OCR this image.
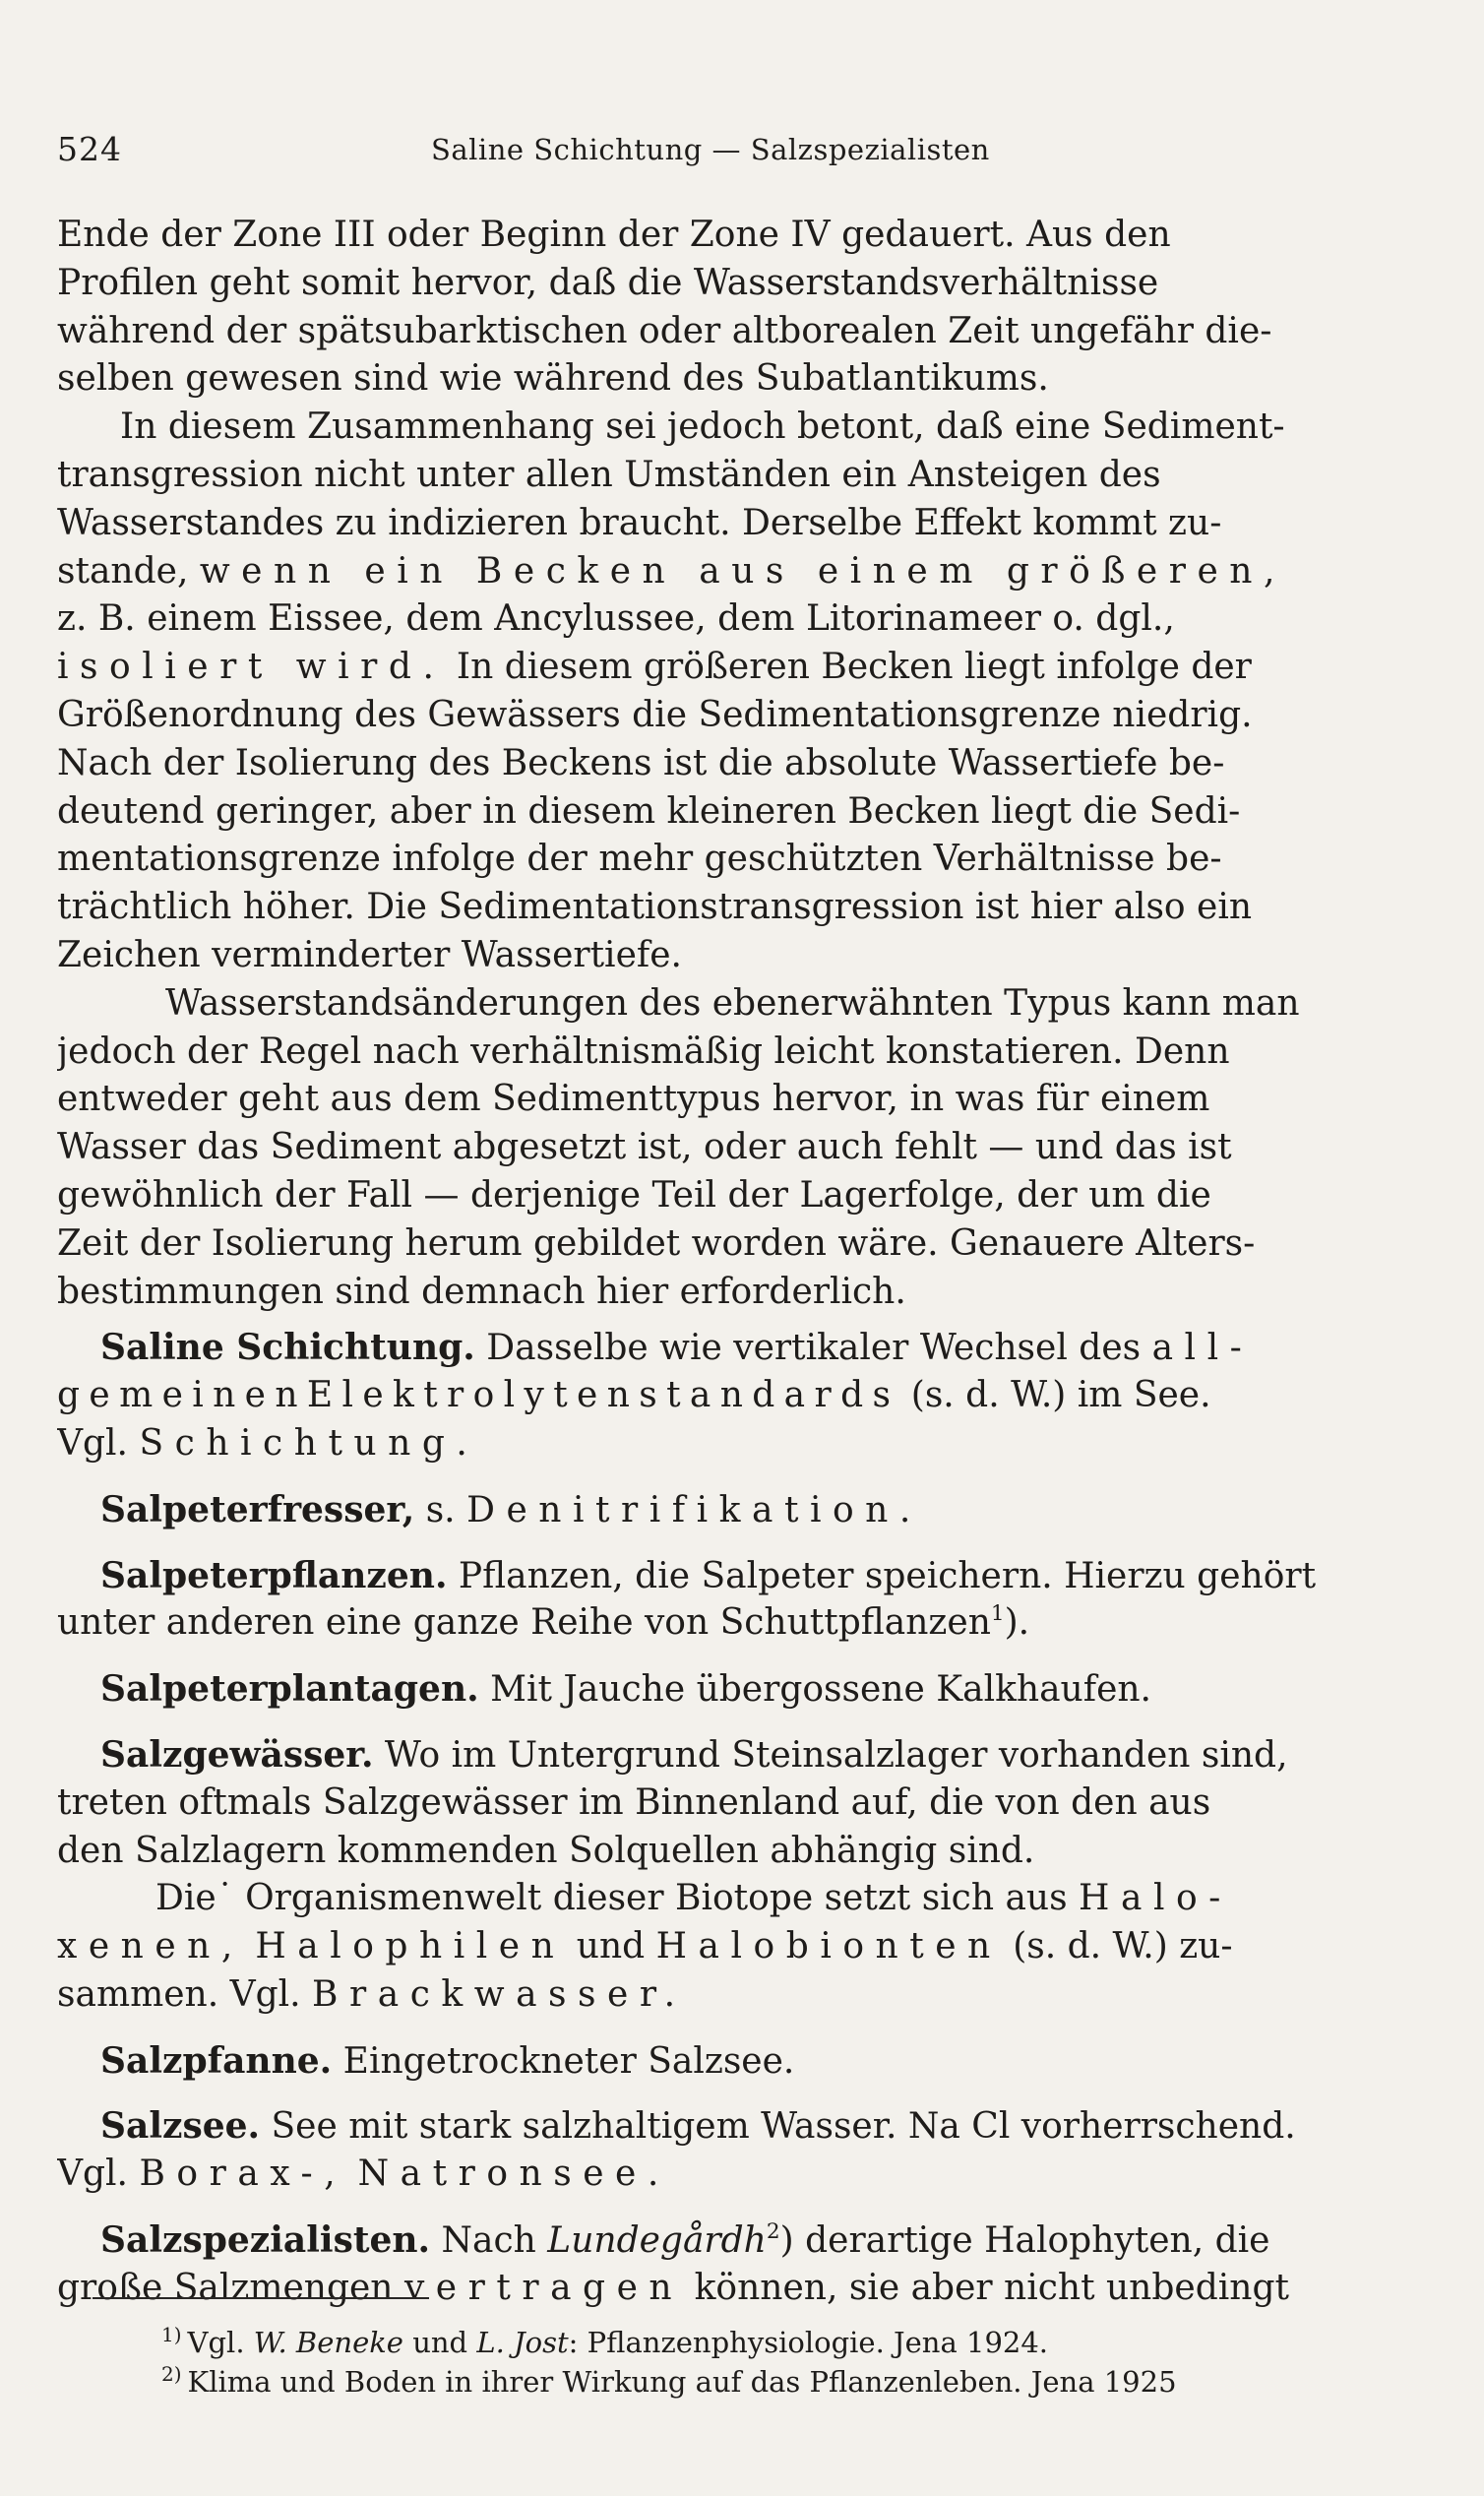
524	Saline Schichtung — Salzspezialisten
Ende der Zone III oder Beginn der Zone IV gedauert. Aus den
Profilen geht somit hervor, daß die Wasserstandsverhältnisse
während der spätsubarktischen oder altborealen Zeit ungefähr die-
selben gewesen sind wie während des Subatlantikums.
In diesem Zusammenhang sei jedoch betont, daß eine Sediment-
transgression nicht unter allen Umständen ein Ansteigen des
Wasserstandes zu indizieren braucht. Derselbe Effekt kommt zu-
stande, wenn ein Becken aus einem größeren,
z. B. einem Eissee, dem Ancylussee, dem Litorinameer o. dgl.,
isoliert wird. In diesem größeren Becken liegt infolge der
Größenordnung des Gewässers die Sedimentationsgrenze niedrig.
Nach der Isolierung des Beckens ist die absolute Wassertiefe be-
deutend geringer, aber in diesem kleineren Becken liegt die Sedi-
mentationsgrenze infolge der mehr geschützten Verhältnisse be-
trächtlich höher. Die Sedimentationstransgression ist hier also ein
Zeichen verminderter Wassertiefe.
Wasserstandsänderungen des ebenerwähnten Typus kann man
jedoch der Regel nach verhältnismäßig leicht konstatieren. Denn
entweder geht aus dem Sedimenttypus hervor, in was für einem
Wasser das Sediment abgesetzt ist, oder auch fehlt — und das ist
gewöhnlich der Fall — derjenige Teil der Lagerfolge, der um die
Zeit der Isolierung herum gebildet worden wäre. Genauere Alters-
bestimmungen sind demnach hier erforderlich.
Saline Schichtung. Dasselbe wie vertikaler Wechsel des all-
gemeinenElektrolytenstandards (s. d. W.) im See.
Vgl. Schichtung.
Salpeterfresser, s. Denitrifikation.
Salpeterpflanzen. Pflanzen, die Salpeter speichern. Hierzu gehört
unter anderen eine ganze Reihe von Schuttpflanzen$^1$).
Salpeterplantagen. Mit Jauche übergossene Kalkhaufen.
Salzgewässer. Wo im Untergrund Steinsalzlager vorhanden sind,
treten oftmals Salzgewässer im Binnenland auf, die von den aus
den Salzlagern kommenden Solquellen abhängig sind.
Die˙ Organismenwelt dieser Biotope setzt sich aus Halo-
xenen, Halophilen und Halobionten (s. d. W.) zu-
sammen. Vgl. Brackwasser.
Salzpfanne. Eingetrockneter Salzsee.
Salzsee. See mit stark salzhaltigem Wasser. Na Cl vorherrschend.
Vgl. Borax-, Natronsee.
Salzspezialisten. Nach Lundegårdh$^2$) derartige Halophyten, die
große Salzmengen vertragen können, sie aber nicht unbedingt
$^{1)}$ Vgl. W. Beneke und L. Jost: Pflanzenphysiologie. Jena 1924.
$^{2)}$ Klima und Boden in ihrer Wirkung auf das Pflanzenleben. Jena 1925
